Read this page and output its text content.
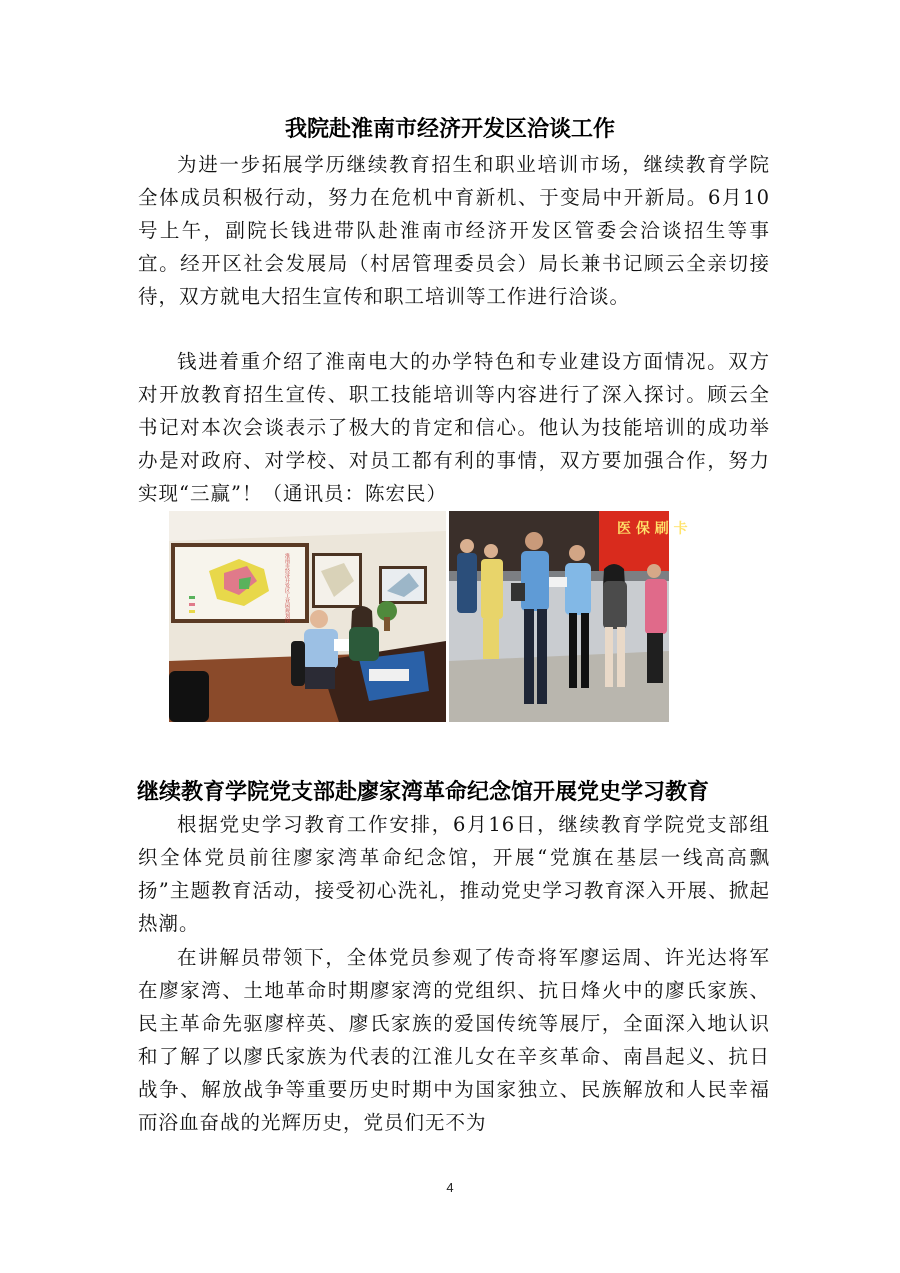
我院赴淮南市经济开发区洽谈工作

为进一步拓展学历继续教育招生和职业培训市场，继续教育学院全体成员积极行动，努力在危机中育新机、于变局中开新局。6月10号上午，副院长钱进带队赴淮南市经济开发区管委会洽谈招生等事宜。经开区社会发展局（村居管理委员会）局长兼书记顾云全亲切接待，双方就电大招生宣传和职工培训等工作进行洽谈。

钱进着重介绍了淮南电大的办学特色和专业建设方面情况。双方对开放教育招生宣传、职工技能培训等内容进行了深入探讨。顾云全书记对本次会谈表示了极大的肯定和信心。他认为技能培训的成功举办是对政府、对学校、对员工都有利的事情，双方要加强合作，努力实现“三赢”！（通讯员：陈宏民）

淮南市经济开发区工业园规划图
医 保 刷 卡
继续教育学院党支部赴廖家湾革命纪念馆开展党史学习教育

根据党史学习教育工作安排，6月16日，继续教育学院党支部组织全体党员前往廖家湾革命纪念馆，开展“党旗在基层一线高高飘扬”主题教育活动，接受初心洗礼，推动党史学习教育深入开展、掀起热潮。

在讲解员带领下，全体党员参观了传奇将军廖运周、许光达将军在廖家湾、土地革命时期廖家湾的党组织、抗日烽火中的廖氏家族、民主革命先驱廖梓英、廖氏家族的爱国传统等展厅，全面深入地认识和了解了以廖氏家族为代表的江淮儿女在辛亥革命、南昌起义、抗日战争、解放战争等重要历史时期中为国家独立、民族解放和人民幸福而浴血奋战的光辉历史，党员们无不为

4
